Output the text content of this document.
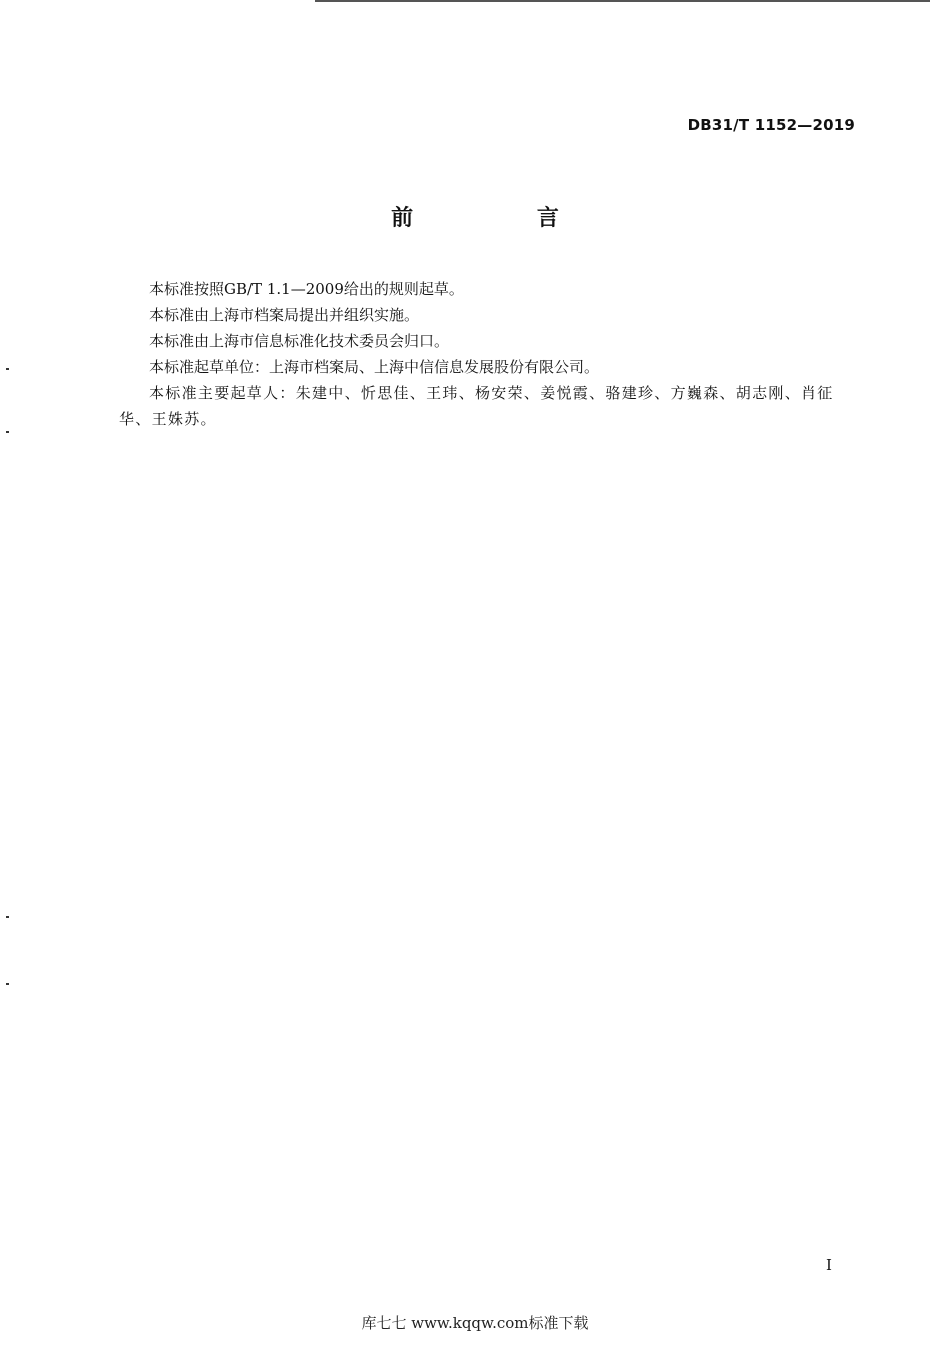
DB31/T 1152—2019
前 言

本标准按照GB/T 1.1—2009给出的规则起草。

本标准由上海市档案局提出并组织实施。

本标准由上海市信息标准化技术委员会归口。

本标准起草单位：上海市档案局、上海中信信息发展股份有限公司。

本标准主要起草人：朱建中、忻思佳、王玮、杨安荣、姜悦霞、骆建珍、方巍森、胡志刚、肖征华、王姝苏。

I
库七七 www.kqqw.com标准下载
